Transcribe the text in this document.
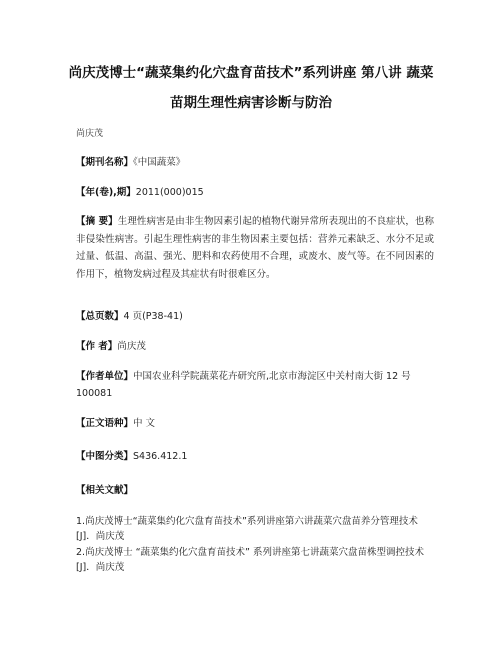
尚庆茂博士“蔬菜集约化穴盘育苗技术”系列讲座 第八讲 蔬菜苗期生理性病害诊断与防治
尚庆茂
【期刊名称】《中国蔬菜》
【年(卷),期】2011(000)015
【摘 要】生理性病害是由非生物因素引起的植物代谢异常所表现出的不良症状，也称非侵染性病害。引起生理性病害的非生物因素主要包括：营养元素缺乏、水分不足或过量、低温、高温、强光、肥料和农药使用不合理，或废水、废气等。在不同因素的作用下，植物发病过程及其症状有时很难区分。
【总页数】4 页(P38-41)
【作 者】尚庆茂
【作者单位】中国农业科学院蔬菜花卉研究所,北京市海淀区中关村南大街 12 号 100081
【正文语种】中 文
【中图分类】S436.412.1
【相关文献】
1.尚庆茂博士“蔬菜集约化穴盘育苗技术”系列讲座第六讲蔬菜穴盘苗养分管理技术 [J]．尚庆茂
2.尚庆茂博士 “蔬菜集约化穴盘育苗技术” 系列讲座第七讲蔬菜穴盘苗株型调控技术 [J]．尚庆茂
